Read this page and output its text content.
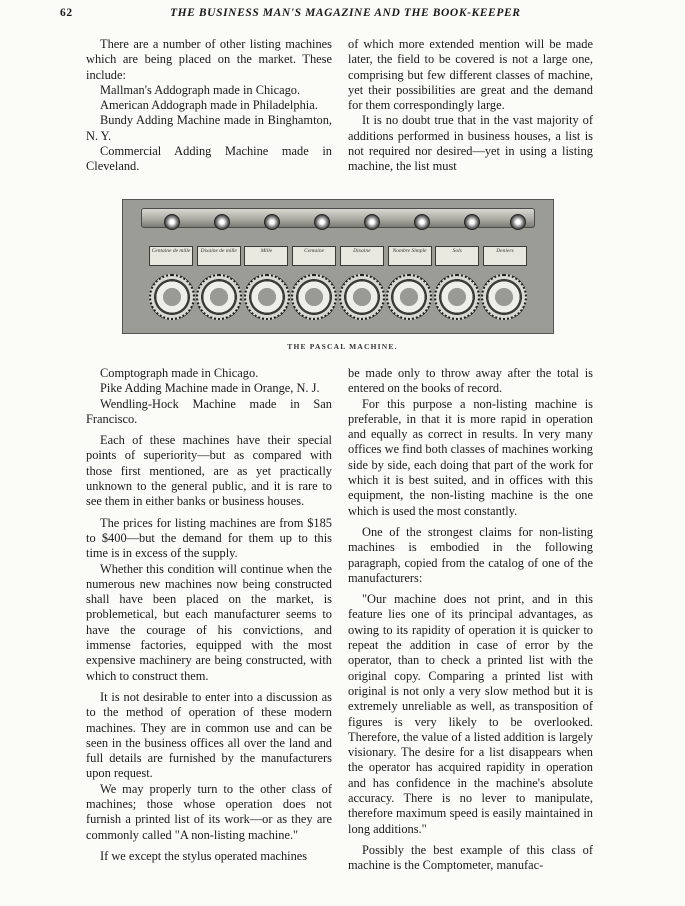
62	THE BUSINESS MAN'S MAGAZINE AND THE BOOK-KEEPER

There are a number of other listing machines which are being placed on the market. These include:

Mallman's Addograph made in Chicago.

American Addograph made in Philadelphia.

Bundy Adding Machine made in Binghamton, N. Y.

Commercial Adding Machine made in Cleveland.

of which more extended mention will be made later, the field to be covered is not a large one, comprising but few different classes of machine, yet their possibilities are great and the demand for them correspondingly large.

It is no doubt true that in the vast majority of additions performed in business houses, a list is not required nor desired—yet in using a listing machine, the list must

Centaine de mille	Dixaine de mille	Mille	Centaine	Dixaine	Nombre Simple	Sols	Deniers
THE PASCAL MACHINE.

Comptograph made in Chicago.

Pike Adding Machine made in Orange, N. J.

Wendling-Hock Machine made in San Francisco.

Each of these machines have their special points of superiority—but as compared with those first mentioned, are as yet practically unknown to the general public, and it is rare to see them in either banks or business houses.

The prices for listing machines are from $185 to $400—but the demand for them up to this time is in excess of the supply.

Whether this condition will continue when the numerous new machines now being constructed shall have been placed on the market, is problemetical, but each manufacturer seems to have the courage of his convictions, and immense factories, equipped with the most expensive machinery are being constructed, with which to construct them.

It is not desirable to enter into a discussion as to the method of operation of these modern machines. They are in common use and can be seen in the business offices all over the land and full details are furnished by the manufacturers upon request.

We may properly turn to the other class of machines; those whose operation does not furnish a printed list of its work—or as they are commonly called "A non-listing machine."

If we except the stylus operated machines

be made only to throw away after the total is entered on the books of record.

For this purpose a non-listing machine is preferable, in that it is more rapid in operation and equally as correct in results. In very many offices we find both classes of machines working side by side, each doing that part of the work for which it is best suited, and in offices with this equipment, the non-listing machine is the one which is used the most constantly.

One of the strongest claims for non-listing machines is embodied in the following paragraph, copied from the catalog of one of the manufacturers:

"Our machine does not print, and in this feature lies one of its principal advantages, as owing to its rapidity of operation it is quicker to repeat the addition in case of error by the operator, than to check a printed list with the original copy. Comparing a printed list with original is not only a very slow method but it is extremely unreliable as well, as transposition of figures is very likely to be overlooked. Therefore, the value of a listed addition is largely visionary. The desire for a list disappears when the operator has acquired rapidity in operation and has confidence in the machine's absolute accuracy. There is no lever to manipulate, therefore maximum speed is easily maintained in long additions."

Possibly the best example of this class of machine is the Comptometer, manufac-
